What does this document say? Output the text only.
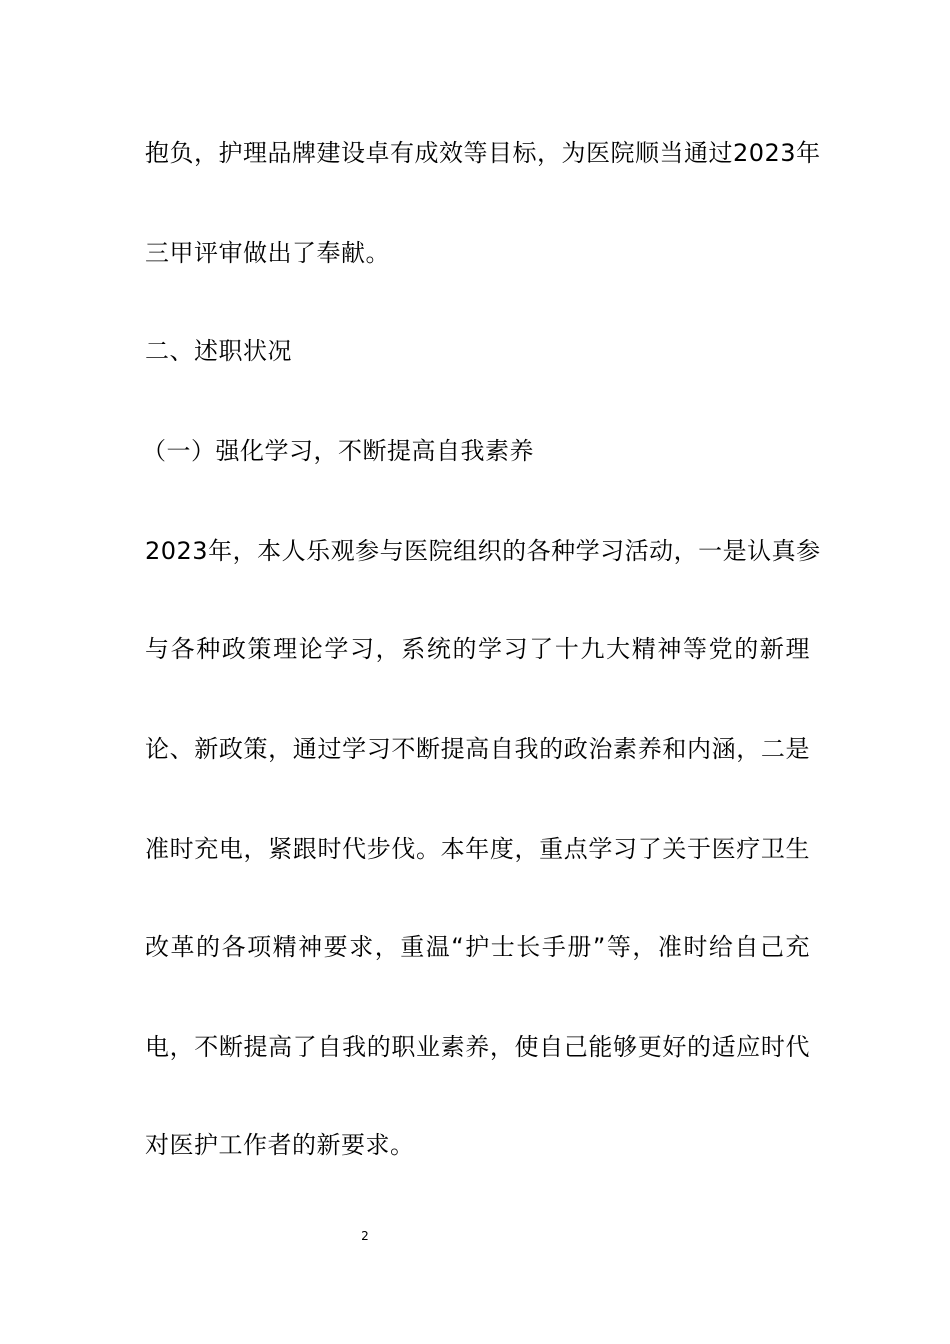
抱负，护理品牌建设卓有成效等目标，为医院顺当通过2023年
三甲评审做出了奉献。
二、述职状况
（一）强化学习，不断提高自我素养
2023年，本人乐观参与医院组织的各种学习活动，一是认真参
与各种政策理论学习，系统的学习了十九大精神等党的新理
论、新政策，通过学习不断提高自我的政治素养和内涵，二是
准时充电，紧跟时代步伐。本年度，重点学习了关于医疗卫生
改革的各项精神要求，重温“护士长手册”等，准时给自己充
电，不断提高了自我的职业素养，使自己能够更好的适应时代
对医护工作者的新要求。
2
